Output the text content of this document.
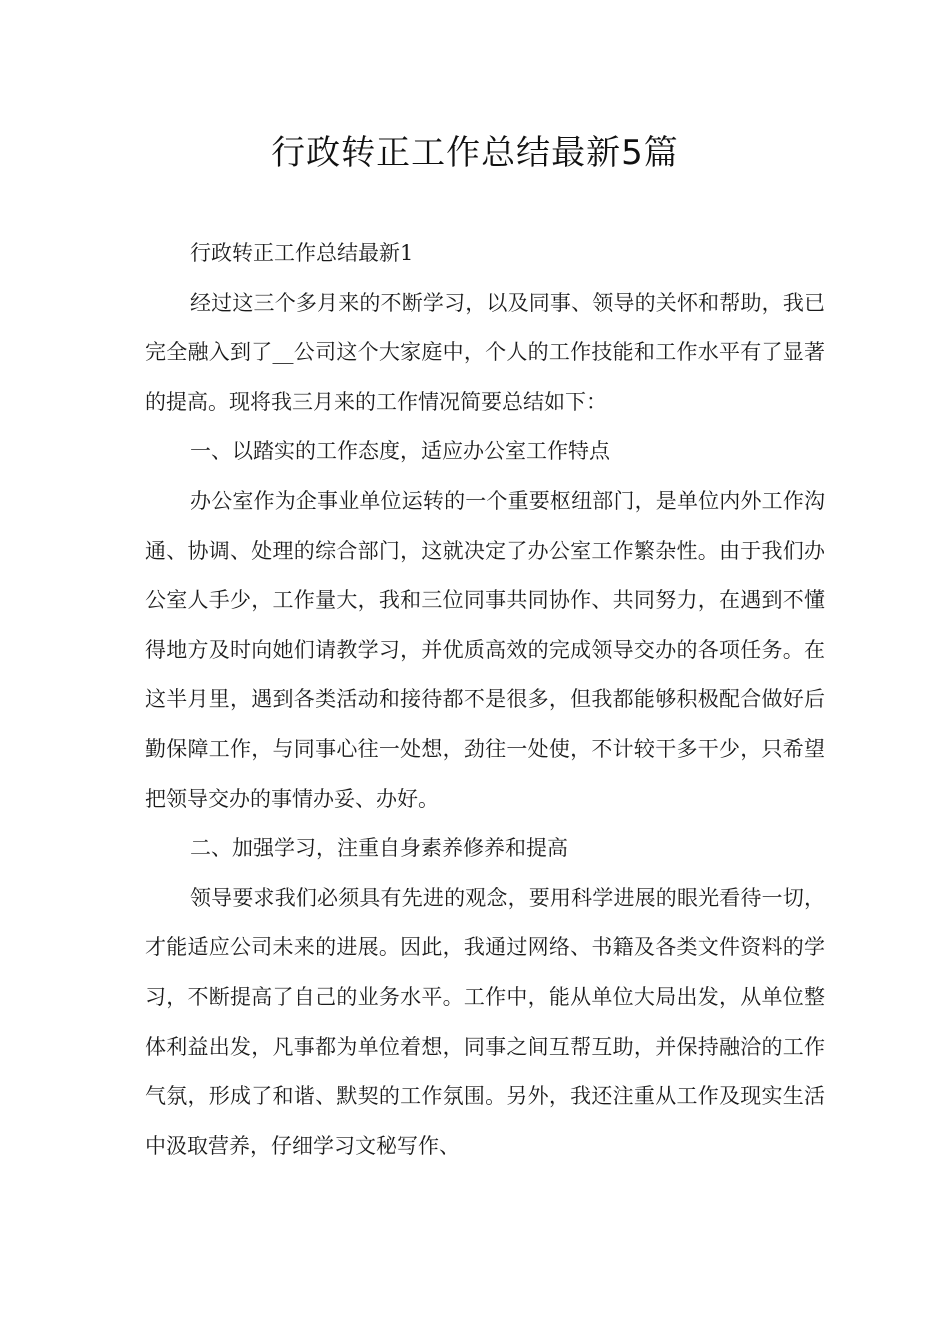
行政转正工作总结最新5篇

行政转正工作总结最新1

经过这三个多月来的不断学习，以及同事、领导的关怀和帮助，我已完全融入到了__公司这个大家庭中，个人的工作技能和工作水平有了显著的提高。现将我三月来的工作情况简要总结如下：

一、以踏实的工作态度，适应办公室工作特点

办公室作为企事业单位运转的一个重要枢纽部门，是单位内外工作沟通、协调、处理的综合部门，这就决定了办公室工作繁杂性。由于我们办公室人手少，工作量大，我和三位同事共同协作、共同努力，在遇到不懂得地方及时向她们请教学习，并优质高效的完成领导交办的各项任务。在这半月里，遇到各类活动和接待都不是很多，但我都能够积极配合做好后勤保障工作，与同事心往一处想，劲往一处使，不计较干多干少，只希望把领导交办的事情办妥、办好。

二、加强学习，注重自身素养修养和提高

领导要求我们必须具有先进的观念，要用科学进展的眼光看待一切，才能适应公司未来的进展。因此，我通过网络、书籍及各类文件资料的学习，不断提高了自己的业务水平。工作中，能从单位大局出发，从单位整体利益出发，凡事都为单位着想，同事之间互帮互助，并保持融洽的工作气氛，形成了和谐、默契的工作氛围。另外，我还注重从工作及现实生活中汲取营养，仔细学习文秘写作、
